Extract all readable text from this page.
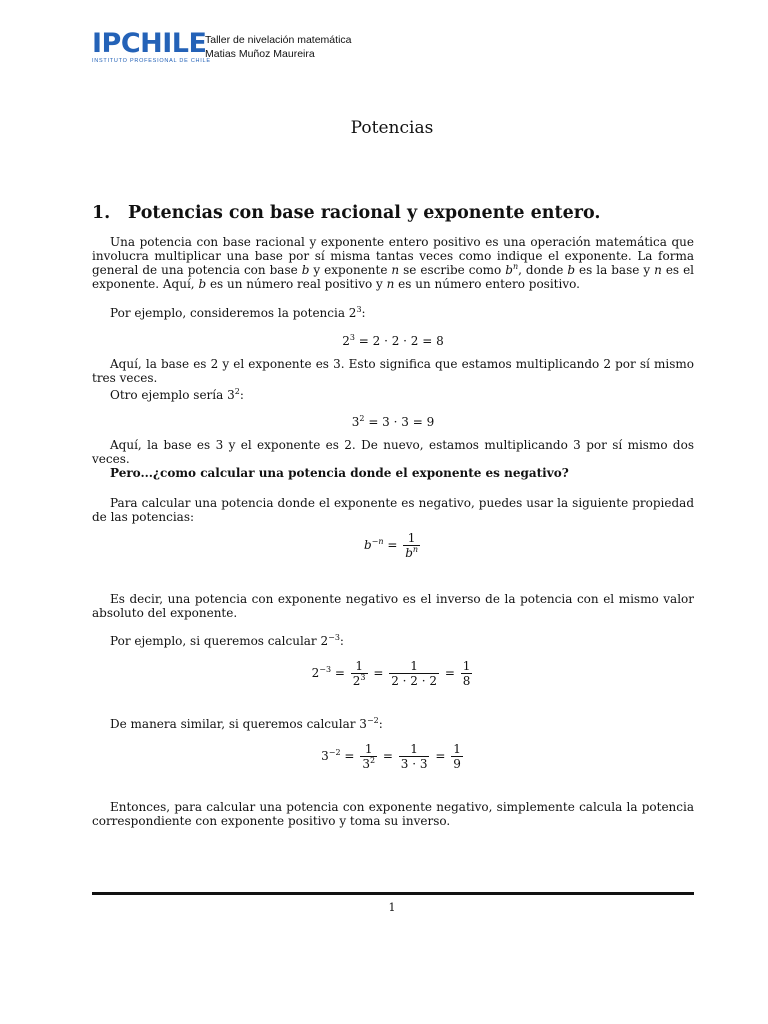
IPCHILE
INSTITUTO PROFESIONAL DE CHILE
Taller de nivelación matemática
Matias Muñoz Maureira
Potencias
1. Potencias con base racional y exponente entero.
Una potencia con base racional y exponente entero positivo es una operación matemática que involucra multiplicar una base por sí misma tantas veces como indique el exponente. La forma general de una potencia con base b y exponente n se escribe como $b^n$, donde b es la base y n es el exponente. Aquí, b es un número real positivo y n es un número entero positivo.
Por ejemplo, consideremos la potencia $2^3$:
$2^3 = 2 \cdot 2 \cdot 2 = 8$
Aquí, la base es 2 y el exponente es 3. Esto significa que estamos multiplicando 2 por sí mismo tres veces.
Otro ejemplo sería $3^2$:
$3^2 = 3 \cdot 3 = 9$
Aquí, la base es 3 y el exponente es 2. De nuevo, estamos multiplicando 3 por sí mismo dos veces.
Pero...¿como calcular una potencia donde el exponente es negativo?
Para calcular una potencia donde el exponente es negativo, puedes usar la siguiente propiedad de las potencias:
$b^{-n} = \frac{1}{b^n}$
Es decir, una potencia con exponente negativo es el inverso de la potencia con el mismo valor absoluto del exponente.
Por ejemplo, si queremos calcular $2^{-3}$:
$2^{-3} = \frac{1}{2^3} = \frac{1}{2 \cdot 2 \cdot 2} = \frac{1}{8}$
De manera similar, si queremos calcular $3^{-2}$:
$3^{-2} = \frac{1}{3^2} = \frac{1}{3 \cdot 3} = \frac{1}{9}$
Entonces, para calcular una potencia con exponente negativo, simplemente calcula la potencia correspondiente con exponente positivo y toma su inverso.
1
